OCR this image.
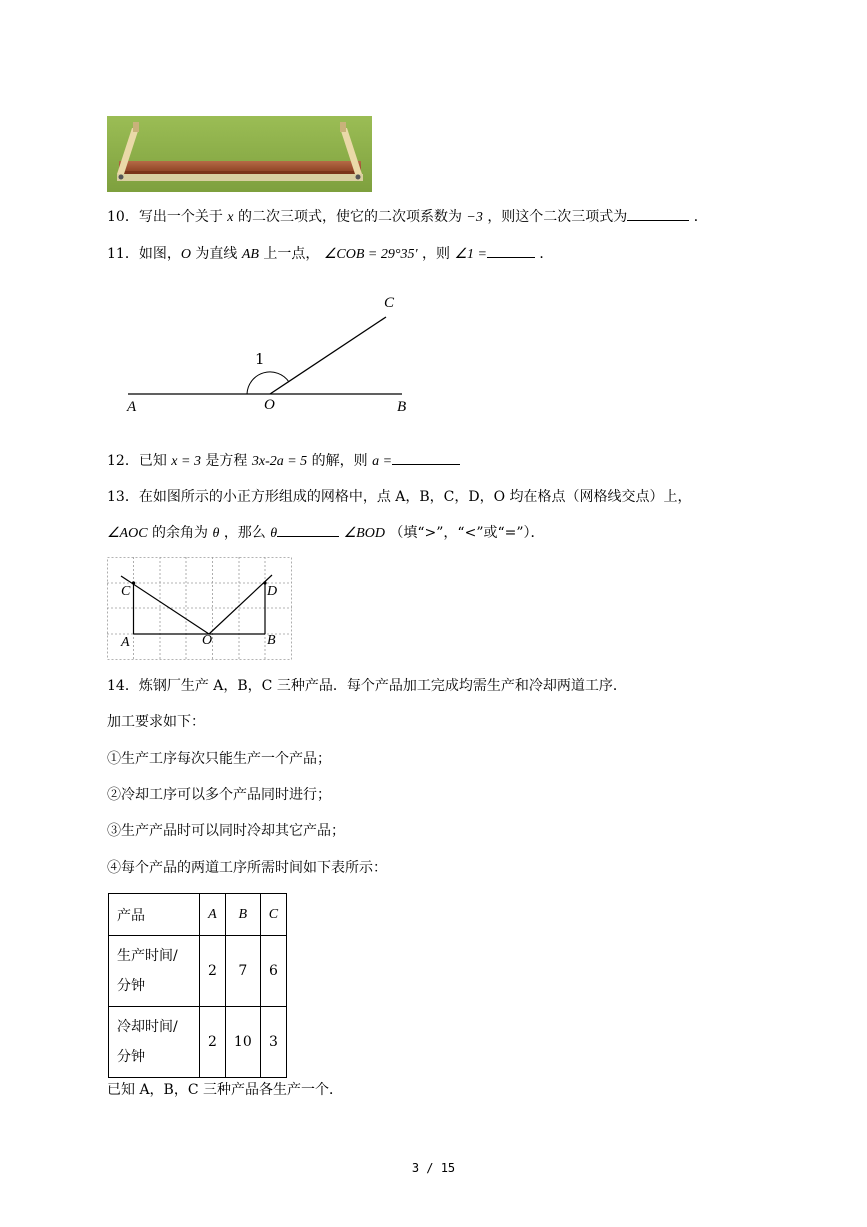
10．写出一个关于 x 的二次三项式，使它的二次项系数为 −3 ，则这个二次三项式为	．
11．如图，O 为直线 AB 上一点， ∠COB = 29°35′ ，则 ∠1 =	．
A	O	B
C
1
12．已知 x = 3 是方程 3x-2a = 5 的解，则 a =
13．在如图所示的小正方形组成的网格中，点 A，B，C，D，O 均在格点（网格线交点）上，
∠AOC 的余角为 θ ，那么 θ	∠BOD （填“>”，“<”或“=”）．
C	D
A	O	B
14．炼钢厂生产 A，B，C 三种产品．每个产品加工完成均需生产和冷却两道工序．
加工要求如下：
①生产工序每次只能生产一个产品；
②冷却工序可以多个产品同时进行；
③生产产品时可以同时冷却其它产品；
④每个产品的两道工序所需时间如下表所示：
产品	A	B	C
生产时间/
分钟	2	7	6
冷却时间/
分钟	2	10	3
已知 A，B，C 三种产品各生产一个．
3 / 15
